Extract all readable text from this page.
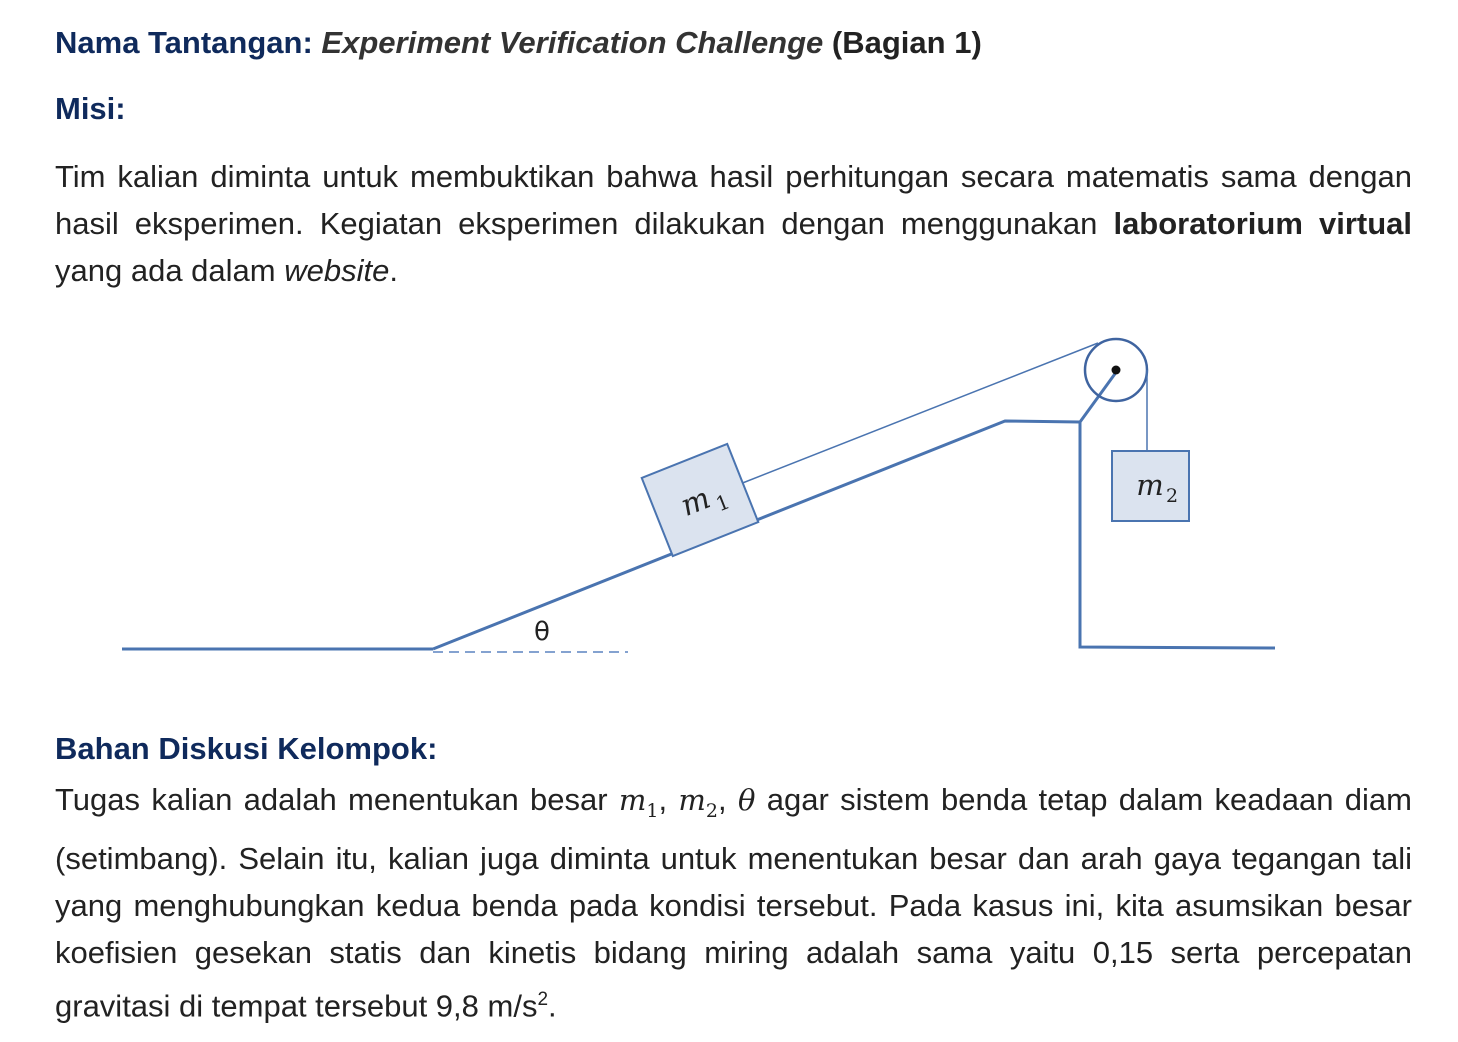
Nama Tantangan: Experiment Verification Challenge (Bagian 1)
Misi:
Tim kalian diminta untuk membuktikan bahwa hasil perhitungan secara matematis sama dengan hasil eksperimen. Kegiatan eksperimen dilakukan dengan menggunakan laboratorium virtual yang ada dalam website.
m
1
m 2
θ
Bahan Diskusi Kelompok:
Tugas kalian adalah menentukan besar $m_1$, $m_2$, θ agar sistem benda tetap dalam keadaan diam (setimbang). Selain itu, kalian juga diminta untuk menentukan besar dan arah gaya tegangan tali yang menghubungkan kedua benda pada kondisi tersebut. Pada kasus ini, kita asumsikan besar koefisien gesekan statis dan kinetis bidang miring adalah sama yaitu 0,15 serta percepatan gravitasi di tempat tersebut 9,8 $m/s^2$.
